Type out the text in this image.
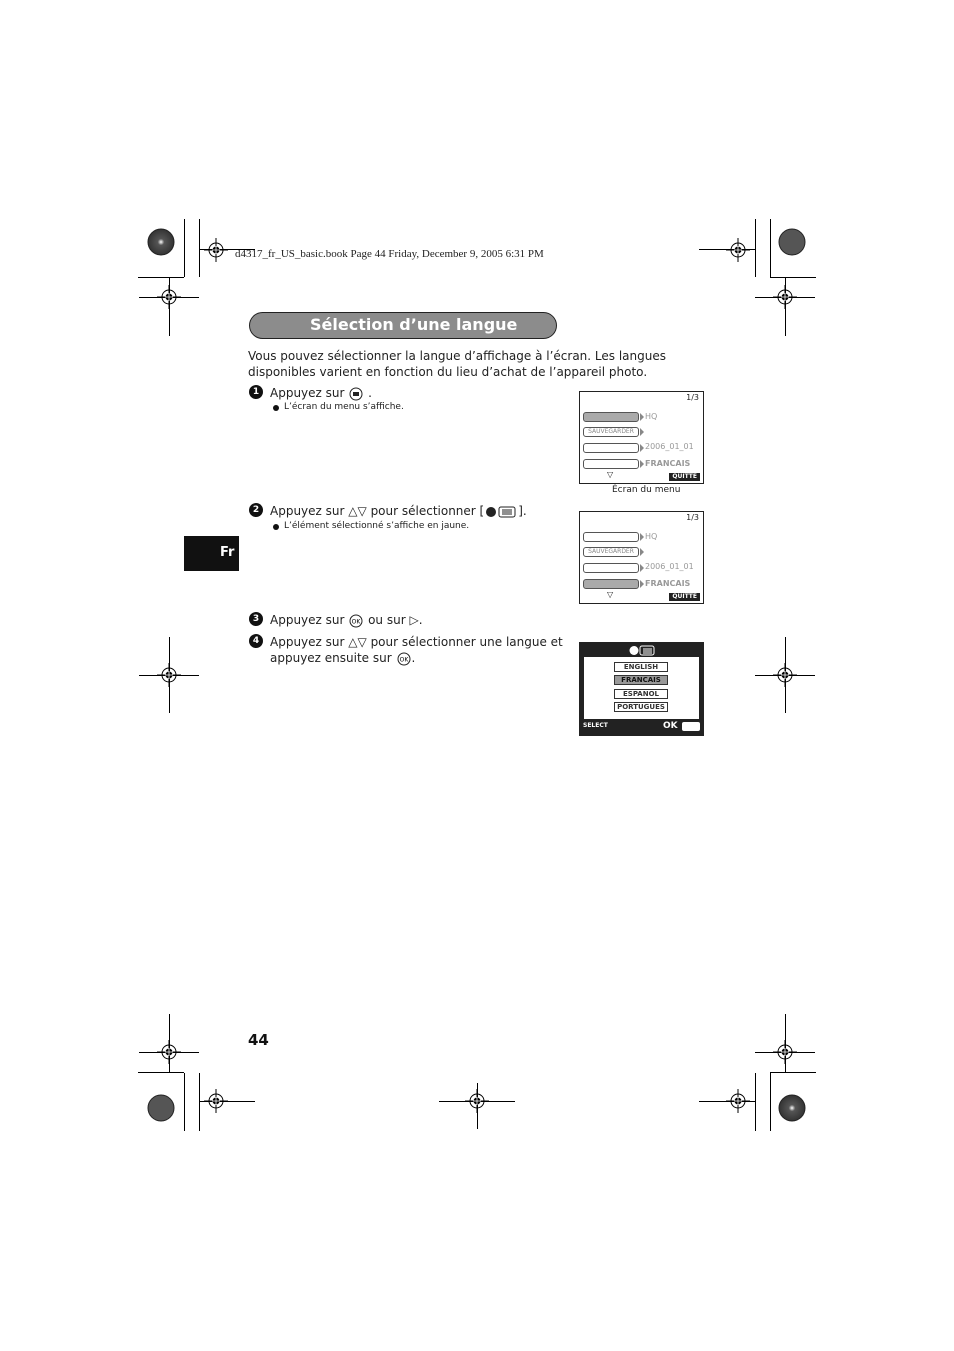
d4317_fr_US_basic.book Page 44 Friday, December 9, 2005 6:31 PM
Sélection d’une langue
Vous pouvez sélectionner la langue d’affichage à l’écran. Les langues disponibles varient en fonction du lieu d’achat de l’appareil photo.
1 Appuyez sur .
L’écran du menu s’affiche.
1/3
HQ
SAUVEGARDER
2006_01_01
FRANCAIS
▽	QUITTE
Écran du menu
2 Appuyez sur △▽ pour sélectionner [	].
L’élément sélectionné s’affiche en jaune.
1/3
HQ
SAUVEGARDER
2006_01_01
FRANCAIS
▽	QUITTE
Fr
3 Appuyez sur OK ou sur ▷.
4 Appuyez sur △▽ pour sélectionner une langue et
appuyez ensuite sur OK .
ENGLISH
FRANCAIS
ESPAÑOL
PORTUGUES
SELECT	OK
44
